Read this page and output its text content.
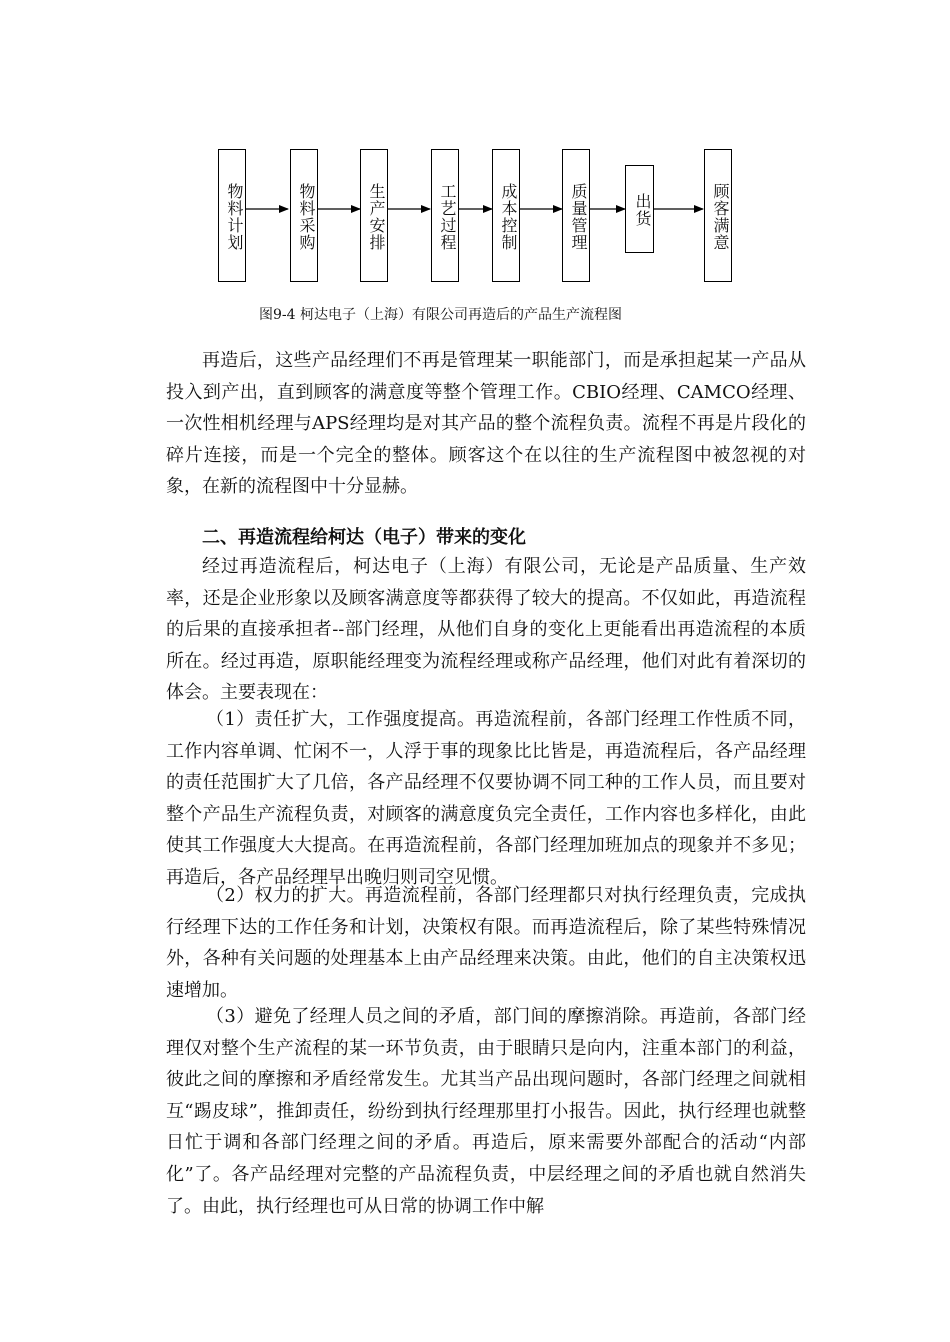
物料计划	物料采购	生产安排	工艺过程	成本控制	质量管理	出货	顾客满意
图9-4 柯达电子（上海）有限公司再造后的产品生产流程图

再造后，这些产品经理们不再是管理某一职能部门，而是承担起某一产品从投入到产出，直到顾客的满意度等整个管理工作。CBIO经理、CAMCO经理、一次性相机经理与APS经理均是对其产品的整个流程负责。流程不再是片段化的碎片连接，而是一个完全的整体。顾客这个在以往的生产流程图中被忽视的对象，在新的流程图中十分显赫。

二、再造流程给柯达（电子）带来的变化

经过再造流程后，柯达电子（上海）有限公司，无论是产品质量、生产效率，还是企业形象以及顾客满意度等都获得了较大的提高。不仅如此，再造流程的后果的直接承担者--部门经理，从他们自身的变化上更能看出再造流程的本质所在。经过再造，原职能经理变为流程经理或称产品经理，他们对此有着深切的体会。主要表现在：

（1）责任扩大，工作强度提高。再造流程前，各部门经理工作性质不同，工作内容单调、忙闲不一，人浮于事的现象比比皆是，再造流程后，各产品经理的责任范围扩大了几倍，各产品经理不仅要协调不同工种的工作人员，而且要对整个产品生产流程负责，对顾客的满意度负完全责任，工作内容也多样化，由此使其工作强度大大提高。在再造流程前，各部门经理加班加点的现象并不多见；再造后，各产品经理早出晚归则司空见惯。

（2）权力的扩大。再造流程前，各部门经理都只对执行经理负责，完成执行经理下达的工作任务和计划，决策权有限。而再造流程后，除了某些特殊情况外，各种有关问题的处理基本上由产品经理来决策。由此，他们的自主决策权迅速增加。

（3）避免了经理人员之间的矛盾，部门间的摩擦消除。再造前，各部门经理仅对整个生产流程的某一环节负责，由于眼睛只是向内，注重本部门的利益，彼此之间的摩擦和矛盾经常发生。尤其当产品出现问题时，各部门经理之间就相互“踢皮球”，推卸责任，纷纷到执行经理那里打小报告。因此，执行经理也就整日忙于调和各部门经理之间的矛盾。再造后，原来需要外部配合的活动“内部化”了。各产品经理对完整的产品流程负责，中层经理之间的矛盾也就自然消失了。由此，执行经理也可从日常的协调工作中解
